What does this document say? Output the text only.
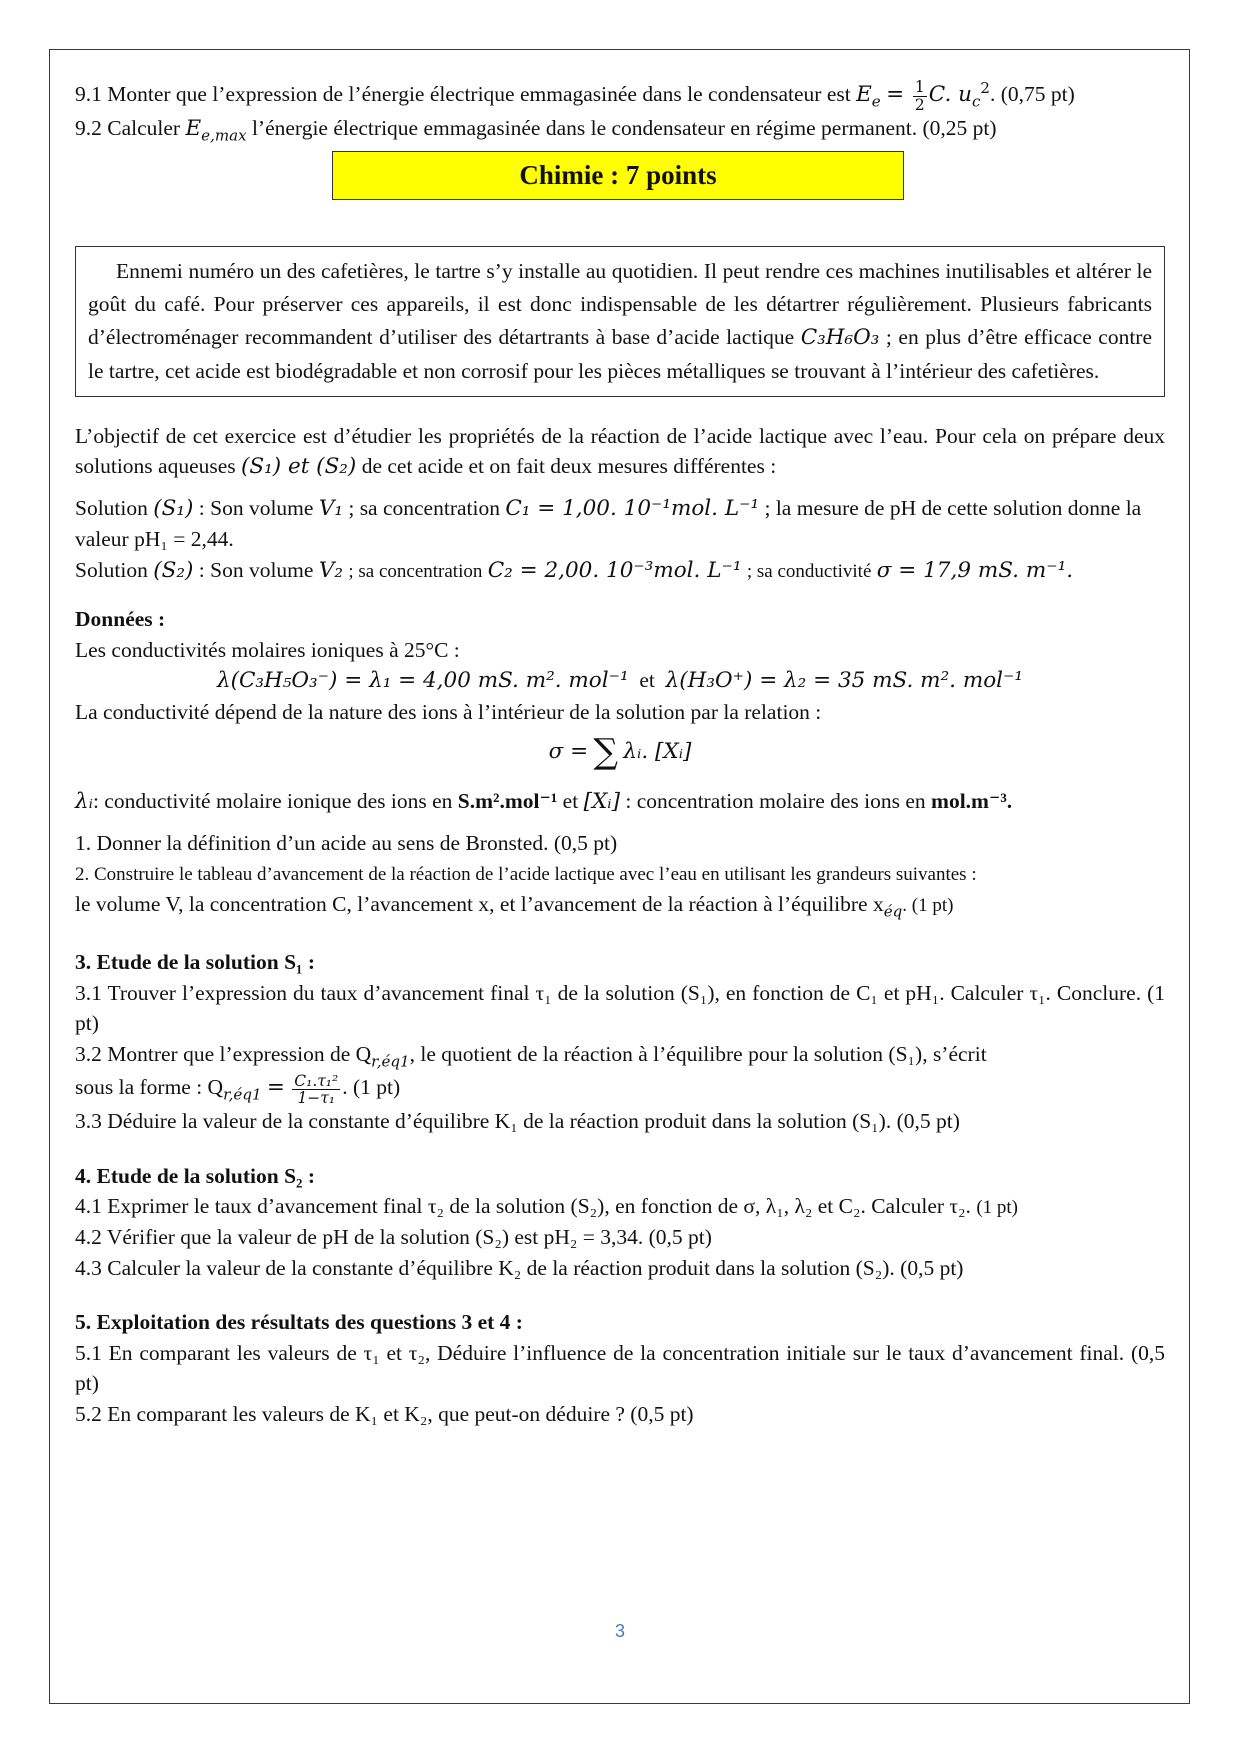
9.1 Monter que l’expression de l’énergie électrique emmagasinée dans le condensateur est $E_e = \frac{1}{2} C$. $u_c^2$. (0,75 pt)

9.2 Calculer $E_{e,max}$ l’énergie électrique emmagasinée dans le condensateur en régime permanent. (0,25 pt)

Chimie : 7 points

Ennemi numéro un des cafetières, le tartre s’y installe au quotidien. Il peut rendre ces machines inutilisables et altérer le goût du café. Pour préserver ces appareils, il est donc indispensable de les détartrer régulièrement. Plusieurs fabricants d’électroménager recommandent d’utiliser des détartrants à base d’acide lactique C₃H₆O₃ ; en plus d’être efficace contre le tartre, cet acide est biodégradable et non corrosif pour les pièces métalliques se trouvant à l’intérieur des cafetières.

L’objectif de cet exercice est d’étudier les propriétés de la réaction de l’acide lactique avec l’eau. Pour cela on prépare deux solutions aqueuses (S₁) et (S₂) de cet acide et on fait deux mesures différentes :

Solution (S₁) : Son volume V₁ ; sa concentration C₁ = 1,00. 10⁻¹mol. L⁻¹ ; la mesure de pH de cette solution donne la valeur pH₁ = 2,44.

Solution (S₂) : Son volume V₂ ; sa concentration C₂ = 2,00. 10⁻³mol. L⁻¹ ; sa conductivité σ = 17,9 mS. m⁻¹.

Données :

Les conductivités molaires ioniques à 25°C :

λ(C₃H₅O₃⁻) = λ₁ = 4,00 mS. m². mol⁻¹ et λ(H₃O⁺) = λ₂ = 35 mS. m². mol⁻¹

La conductivité dépend de la nature des ions à l’intérieur de la solution par la relation :

σ = ∑ λᵢ. [Xᵢ]

λᵢ: conductivité molaire ionique des ions en S.m².mol⁻¹ et [Xᵢ] : concentration molaire des ions en mol.m⁻³.

1. Donner la définition d’un acide au sens de Bronsted. (0,5 pt)

2. Construire le tableau d’avancement de la réaction de l’acide lactique avec l’eau en utilisant les grandeurs suivantes :
le volume V, la concentration C, l’avancement x, et l’avancement de la réaction à l’équilibre $x_{éq}$. (1 pt)

3. Etude de la solution S₁ :

3.1 Trouver l’expression du taux d’avancement final τ₁ de la solution (S₁), en fonction de C₁ et pH₁. Calculer τ₁. Conclure. (1 pt)

3.2 Montrer que l’expression de $Q_{r,éq1}$, le quotient de la réaction à l’équilibre pour la solution (S₁), s’écrit

sous la forme : $Q_{r,éq1} = \frac{\text{C₁.τ₁²}}{\text{1−τ₁}}$ . (1 pt)

3.3 Déduire la valeur de la constante d’équilibre K₁ de la réaction produit dans la solution (S₁). (0,5 pt)

4. Etude de la solution S₂ :

4.1 Exprimer le taux d’avancement final τ₂ de la solution (S₂), en fonction de σ, λ₁, λ₂ et C₂. Calculer τ₂. (1 pt)

4.2 Vérifier que la valeur de pH de la solution (S₂) est pH₂ = 3,34. (0,5 pt)

4.3 Calculer la valeur de la constante d’équilibre K₂ de la réaction produit dans la solution (S₂). (0,5 pt)

5. Exploitation des résultats des questions 3 et 4 :

5.1 En comparant les valeurs de τ₁ et τ₂, Déduire l’influence de la concentration initiale sur le taux d’avancement final. (0,5 pt)

5.2 En comparant les valeurs de K₁ et K₂, que peut-on déduire ? (0,5 pt)

3
